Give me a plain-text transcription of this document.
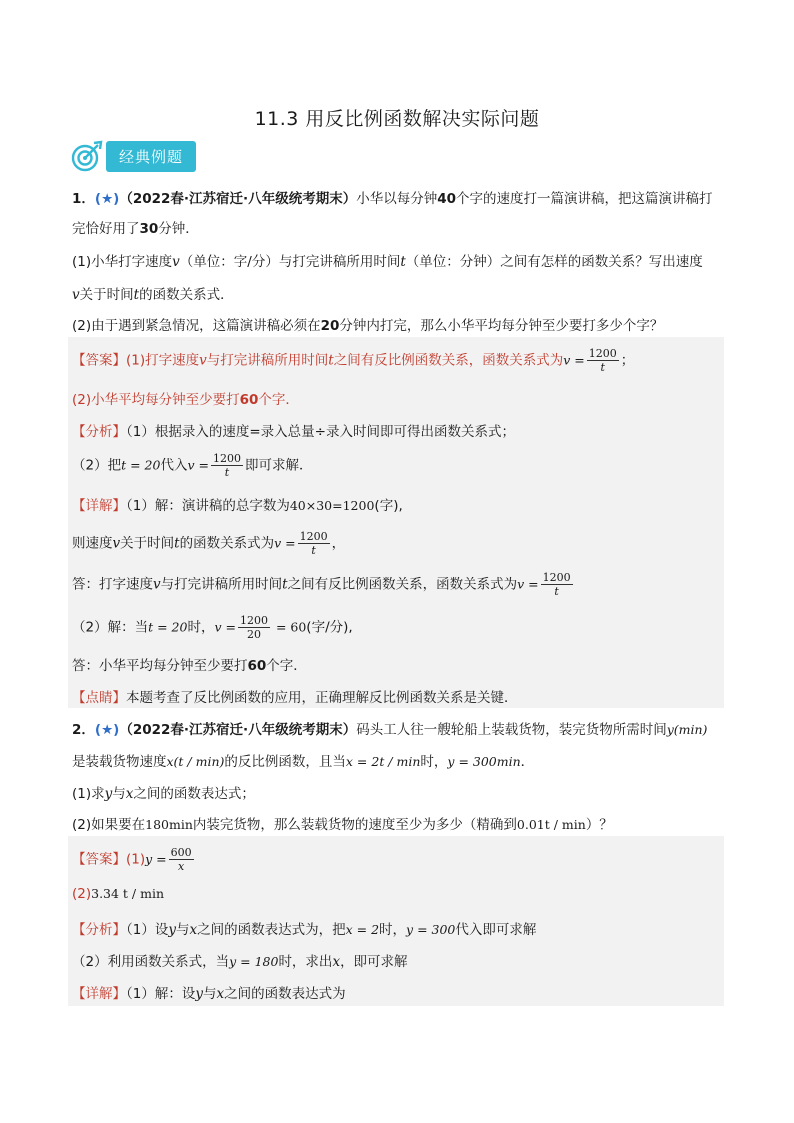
11.3 用反比例函数解决实际问题
经典例题
1．(★)（2022春·江苏宿迁·八年级统考期末）小华以每分钟40个字的速度打一篇演讲稿，把这篇演讲稿打
完恰好用了30分钟．
(1)小华打字速度v（单位：字/分）与打完讲稿所用时间t（单位：分钟）之间有怎样的函数关系？写出速度
v关于时间t的函数关系式．
(2)由于遇到紧急情况，这篇演讲稿必须在20分钟内打完，那么小华平均每分钟至少要打多少个字？
【答案】(1)打字速度v与打完讲稿所用时间t之间有反比例函数关系，函数关系式为$v = \frac{1200}{t}$ ；
(2)小华平均每分钟至少要打60个字．
【分析】（1）根据录入的速度=录入总量÷录入时间即可得出函数关系式；
（2）把t = 20代入$v = \frac{1200}{t}$ 即可求解．
【详解】（1）解：演讲稿的总字数为40×30=1200(字),
则速度v关于时间t的函数关系式为$v = \frac{1200}{t}$ ，
答：打字速度v与打完讲稿所用时间t之间有反比例函数关系，函数关系式为$v = \frac{1200}{t}$
（2）解：当t = 20时，$v = \frac{1200}{20} = 60$(字/分),
答：小华平均每分钟至少要打60个字．
【点睛】本题考查了反比例函数的应用，正确理解反比例函数关系是关键．
2．(★)（2022春·江苏宿迁·八年级统考期末）码头工人往一艘轮船上装载货物，装完货物所需时间y(min)
是装载货物速度x(t / min)的反比例函数，且当x = 2t / min时，y = 300min．
(1)求y与x之间的函数表达式；
(2)如果要在180min内装完货物，那么装载货物的速度至少为多少（精确到0.01t / min）？
【答案】$(1)y = \frac{600}{x}$
(2)3.34 t / min
【分析】（1）设y与x之间的函数表达式为，把x = 2时，y = 300代入即可求解
（2）利用函数关系式，当y = 180时，求出x，即可求解
【详解】（1）解：设y与x之间的函数表达式为
